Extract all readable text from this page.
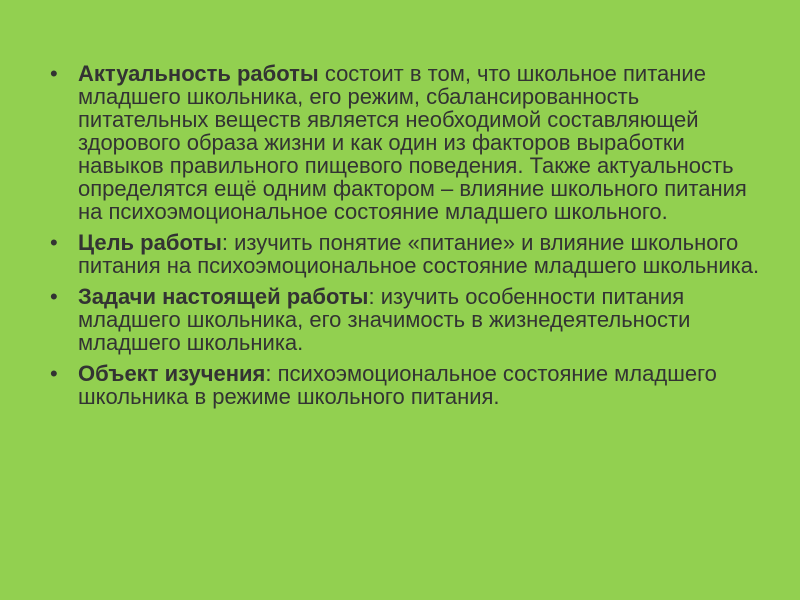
• Актуальность работы состоит в том, что школьное питание младшего школьника, его режим, сбалансированность питательных веществ является необходимой составляющей здорового образа жизни и как один из факторов выработки навыков правильного пищевого поведения. Также актуальность определятся ещё одним фактором – влияние школьного питания на психоэмоциональное состояние младшего школьного.
• Цель работы: изучить понятие «питание» и влияние школьного питания на психоэмоциональное состояние младшего школьника.
• Задачи настоящей работы: изучить особенности питания младшего школьника, его значимость в жизнедеятельности младшего школьника.
• Объект изучения: психоэмоциональное состояние младшего школьника в режиме школьного питания.
